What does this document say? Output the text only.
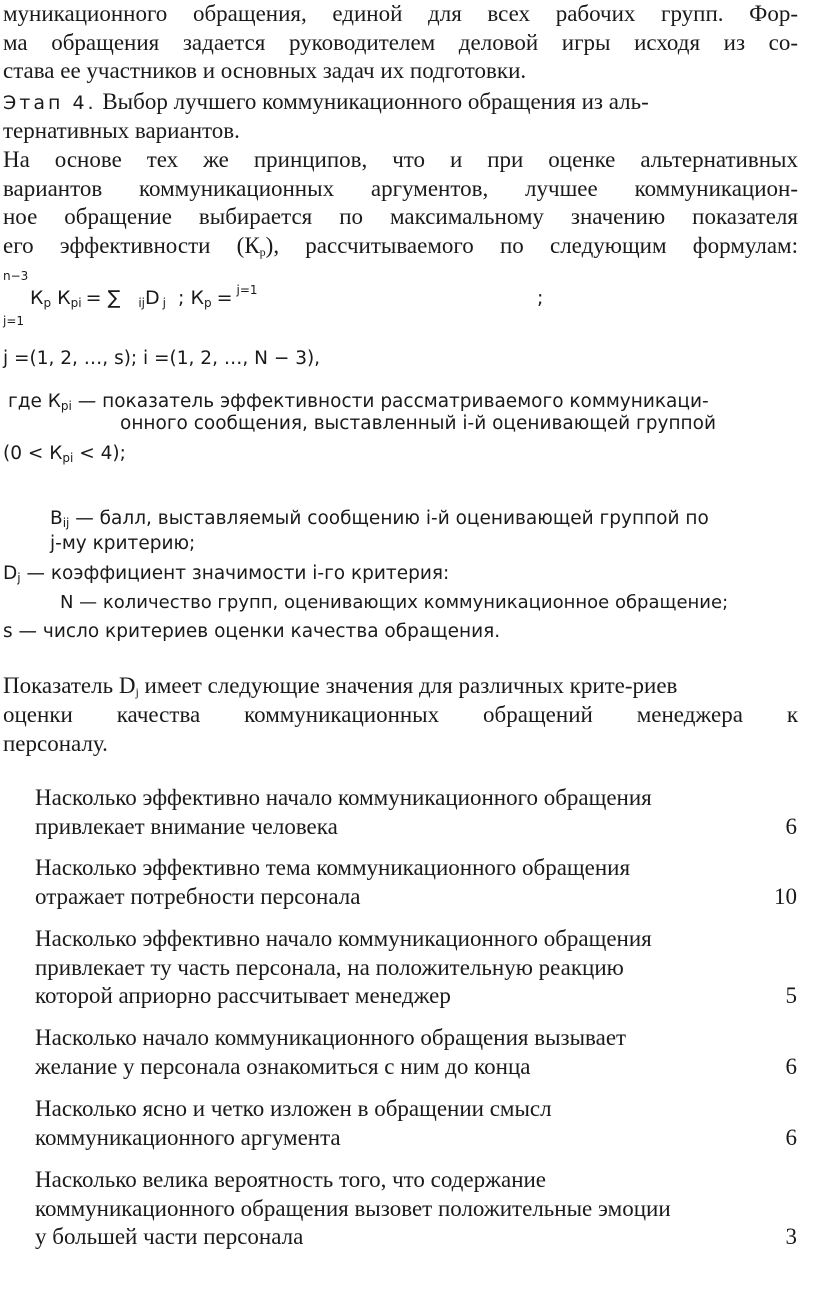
муникационного обращения, единой для всех рабочих групп. Фор-
ма обращения задается руководителем деловой игры исходя из со-
става ее участников и основных задач их подготовки.
Этап 4. Выбор лучшего коммуникационного обращения из аль-
тернативных вариантов.
На основе тех же принципов, что и при оценке альтернативных
вариантов коммуникационных аргументов, лучшее коммуникацион-
ное обращение выбирается по максимальному значению показателя
его эффективности $(К_р)$, рассчитываемого по следующим формулам:
n−3
j=1
$К_р$ $К_{рi}$ = ∑ $_{ij}$D $_j$ ; $К_р = ^{j=1}$	;
j =(1, 2, …, s); i =(1, 2, …, N − 3),
где $К_{рi}$ — показатель эффективности рассматриваемого коммуникаци-
онного сообщения, выставленный i-й оценивающей группой
$(0 < К_{рi} < 4)$;
$B_{ij}$ — балл, выставляемый сообщению i-й оценивающей группой по
j-му критерию;
$D_j$ — коэффициент значимости i-го критерия:
N — количество групп, оценивающих коммуникационное обращение;
s — число критериев оценки качества обращения.
Показатель $D_j$ имеет следующие значения для различных крите-риев
оценки качества коммуникационных обращений менеджера к
персоналу.
Насколько эффективно начало коммуникационного обращения
привлекает внимание человека	6
Насколько эффективно тема коммуникационного обращения
отражает потребности персонала	10
Насколько эффективно начало коммуникационного обращения
привлекает ту часть персонала, на положительную реакцию
которой априорно рассчитывает менеджер	5
Насколько начало коммуникационного обращения вызывает
желание у персонала ознакомиться с ним до конца	6
Насколько ясно и четко изложен в обращении смысл
коммуникационного аргумента	6
Насколько велика вероятность того, что содержание
коммуникационного обращения вызовет положительные эмоции
у большей части персонала	3
